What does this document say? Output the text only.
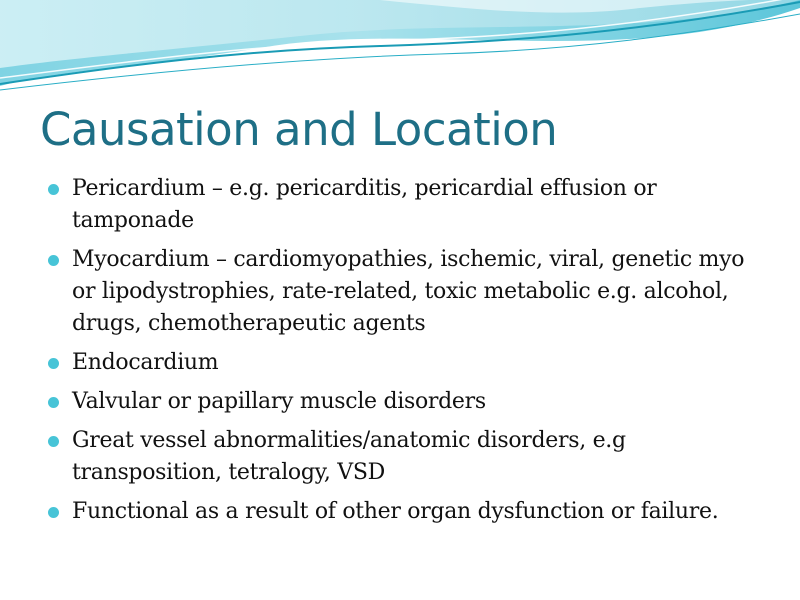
Causation and Location
Pericardium – e.g. pericarditis, pericardial effusion or tamponade
Myocardium – cardiomyopathies, ischemic, viral, genetic myo or lipodystrophies, rate-related, toxic metabolic e.g. alcohol, drugs, chemotherapeutic agents
Endocardium
Valvular or papillary muscle disorders
Great vessel abnormalities/anatomic disorders, e.g transposition, tetralogy, VSD
Functional as a result of other organ dysfunction or failure.
